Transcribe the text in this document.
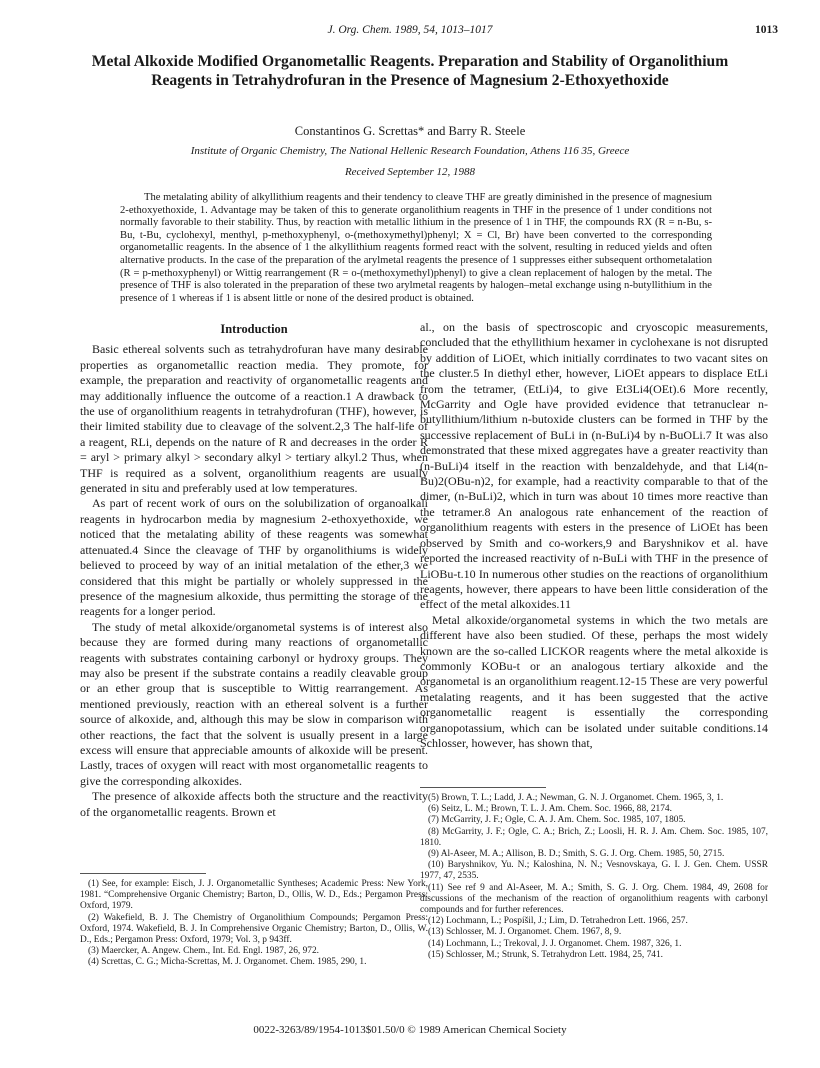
J. Org. Chem. 1989, 54, 1013–1017	1013
Metal Alkoxide Modified Organometallic Reagents. Preparation and Stability of Organolithium Reagents in Tetrahydrofuran in the Presence of Magnesium 2-Ethoxyethoxide
Constantinos G. Screttas* and Barry R. Steele
Institute of Organic Chemistry, The National Hellenic Research Foundation, Athens 116 35, Greece
Received September 12, 1988

The metalating ability of alkyllithium reagents and their tendency to cleave THF are greatly diminished in the presence of magnesium 2-ethoxyethoxide, 1. Advantage may be taken of this to generate organolithium reagents in THF in the presence of 1 under conditions not normally favorable to their stability. Thus, by reaction with metallic lithium in the presence of 1 in THF, the compounds RX (R = n-Bu, s-Bu, t-Bu, cyclohexyl, menthyl, p-methoxyphenyl, o-(methoxymethyl)phenyl; X = Cl, Br) have been converted to the corresponding organometallic reagents. In the absence of 1 the alkyllithium reagents formed react with the solvent, resulting in reduced yields and often alternative products. In the case of the preparation of the arylmetal reagents the presence of 1 suppresses either subsequent orthometalation (R = p-methoxyphenyl) or Wittig rearrangement (R = o-(methoxymethyl)phenyl) to give a clean replacement of halogen by the metal. The presence of THF is also tolerated in the preparation of these two arylmetal reagents by halogen–metal exchange using n-butyllithium in the presence of 1 whereas if 1 is absent little or none of the desired product is obtained.

Introduction

Basic ethereal solvents such as tetrahydrofuran have many desirable properties as organometallic reaction media. They promote, for example, the preparation and reactivity of organometallic reagents and may additionally influence the outcome of a reaction.1 A drawback to the use of organolithium reagents in tetrahydrofuran (THF), however, is their limited stability due to cleavage of the solvent.2,3 The half-life of a reagent, RLi, depends on the nature of R and decreases in the order R = aryl > primary alkyl > secondary alkyl > tertiary alkyl.2 Thus, when THF is required as a solvent, organolithium reagents are usually generated in situ and preferably used at low temperatures.

As part of recent work of ours on the solubilization of organoalkali reagents in hydrocarbon media by magnesium 2-ethoxyethoxide, we noticed that the metalating ability of these reagents was somewhat attenuated.4 Since the cleavage of THF by organolithiums is widely believed to proceed by way of an initial metalation of the ether,3 we considered that this might be partially or wholely suppressed in the presence of the magnesium alkoxide, thus permitting the storage of the reagents for a longer period.

The study of metal alkoxide/organometal systems is of interest also because they are formed during many reactions of organometallic reagents with substrates containing carbonyl or hydroxy groups. They may also be present if the substrate contains a readily cleavable group or an ether group that is susceptible to Wittig rearrangement. As mentioned previously, reaction with an ethereal solvent is a further source of alkoxide, and, although this may be slow in comparison with other reactions, the fact that the solvent is usually present in a large excess will ensure that appreciable amounts of alkoxide will be present. Lastly, traces of oxygen will react with most organometallic reagents to give the corresponding alkoxides.

The presence of alkoxide affects both the structure and the reactivity of the organometallic reagents. Brown et

al., on the basis of spectroscopic and cryoscopic measurements, concluded that the ethyllithium hexamer in cyclohexane is not disrupted by addition of LiOEt, which initially corrdinates to two vacant sites on the cluster.5 In diethyl ether, however, LiOEt appears to displace EtLi from the tetramer, (EtLi)4, to give Et3Li4(OEt).6 More recently, McGarrity and Ogle have provided evidence that tetranuclear n-butyllithium/lithium n-butoxide clusters can be formed in THF by the successive replacement of BuLi in (n-BuLi)4 by n-BuOLi.7 It was also demonstrated that these mixed aggregates have a greater reactivity than (n-BuLi)4 itself in the reaction with benzaldehyde, and that Li4(n-Bu)2(OBu-n)2, for example, had a reactivity comparable to that of the dimer, (n-BuLi)2, which in turn was about 10 times more reactive than the tetramer.8 An analogous rate enhancement of the reaction of organolithium reagents with esters in the presence of LiOEt has been observed by Smith and co-workers,9 and Baryshnikov et al. have reported the increased reactivity of n-BuLi with THF in the presence of LiOBu-t.10 In numerous other studies on the reactions of organolithium reagents, however, there appears to have been little consideration of the effect of the metal alkoxides.11

Metal alkoxide/organometal systems in which the two metals are different have also been studied. Of these, perhaps the most widely known are the so-called LICKOR reagents where the metal alkoxide is commonly KOBu-t or an analogous tertiary alkoxide and the organometal is an organolithium reagent.12-15 These are very powerful metalating reagents, and it has been suggested that the active organometallic reagent is essentially the corresponding organopotassium, which can be isolated under suitable conditions.14 Schlosser, however, has shown that,

(1) See, for example: Eisch, J. J. Organometallic Syntheses; Academic Press: New York, 1981. “Comprehensive Organic Chemistry; Barton, D., Ollis, W. D., Eds.; Pergamon Press: Oxford, 1979.

(2) Wakefield, B. J. The Chemistry of Organolithium Compounds; Pergamon Press: Oxford, 1974. Wakefield, B. J. In Comprehensive Organic Chemistry; Barton, D., Ollis, W. D., Eds.; Pergamon Press: Oxford, 1979; Vol. 3, p 943ff.

(3) Maercker, A. Angew. Chem., Int. Ed. Engl. 1987, 26, 972.

(4) Screttas, C. G.; Micha-Screttas, M. J. Organomet. Chem. 1985, 290, 1.

(5) Brown, T. L.; Ladd, J. A.; Newman, G. N. J. Organomet. Chem. 1965, 3, 1.

(6) Seitz, L. M.; Brown, T. L. J. Am. Chem. Soc. 1966, 88, 2174.

(7) McGarrity, J. F.; Ogle, C. A. J. Am. Chem. Soc. 1985, 107, 1805.

(8) McGarrity, J. F.; Ogle, C. A.; Brich, Z.; Loosli, H. R. J. Am. Chem. Soc. 1985, 107, 1810.

(9) Al-Aseer, M. A.; Allison, B. D.; Smith, S. G. J. Org. Chem. 1985, 50, 2715.

(10) Baryshnikov, Yu. N.; Kaloshina, N. N.; Vesnovskaya, G. I. J. Gen. Chem. USSR 1977, 47, 2535.

(11) See ref 9 and Al-Aseer, M. A.; Smith, S. G. J. Org. Chem. 1984, 49, 2608 for discussions of the mechanism of the reaction of organolithium reagents with carbonyl compounds and for further references.

(12) Lochmann, L.; Pospíšil, J.; Lim, D. Tetrahedron Lett. 1966, 257.

(13) Schlosser, M. J. Organomet. Chem. 1967, 8, 9.

(14) Lochmann, L.; Trekoval, J. J. Organomet. Chem. 1987, 326, 1.

(15) Schlosser, M.; Strunk, S. Tetrahydron Lett. 1984, 25, 741.

0022-3263/89/1954-1013$01.50/0 © 1989 American Chemical Society
